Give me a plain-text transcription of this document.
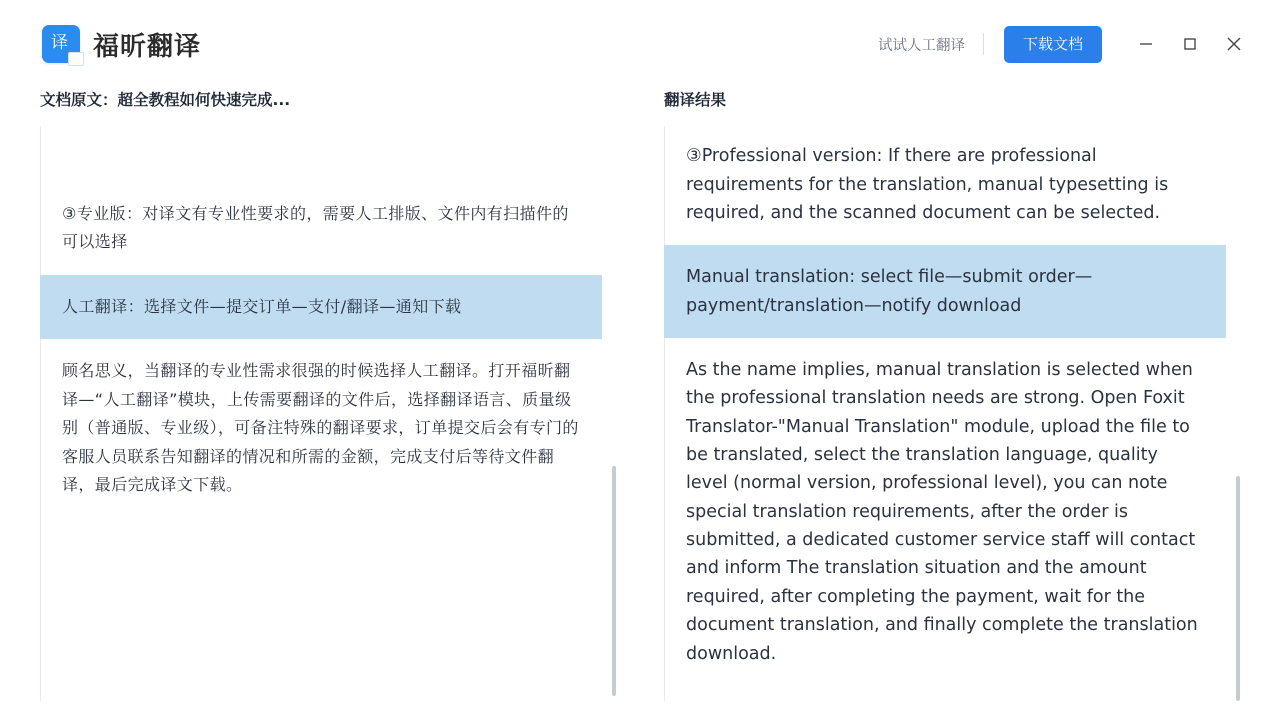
译 福昕翻译	试试人工翻译	下载文档
文档原文：超全教程如何快速完成...
③专业版：对译文有专业性要求的，需要人工排版、文件内有扫描件的可以选择
人工翻译：选择文件—提交订单—支付/翻译—通知下载
顾名思义，当翻译的专业性需求很强的时候选择人工翻译。打开福昕翻译—“人工翻译”模块，上传需要翻译的文件后，选择翻译语言、质量级别（普通版、专业级），可备注特殊的翻译要求，订单提交后会有专门的客服人员联系告知翻译的情况和所需的金额，完成支付后等待文件翻译，最后完成译文下载。
翻译结果
③Professional version: If there are professional requirements for the translation, manual typesetting is required, and the scanned document can be selected.
Manual translation: select file—submit order—payment/translation—notify download
As the name implies, manual translation is selected when the professional translation needs are strong. Open Foxit Translator-"Manual Translation" module, upload the file to be translated, select the translation language, quality level (normal version, professional level), you can note special translation requirements, after the order is submitted, a dedicated customer service staff will contact and inform The translation situation and the amount required, after completing the payment, wait for the document translation, and finally complete the translation download.
